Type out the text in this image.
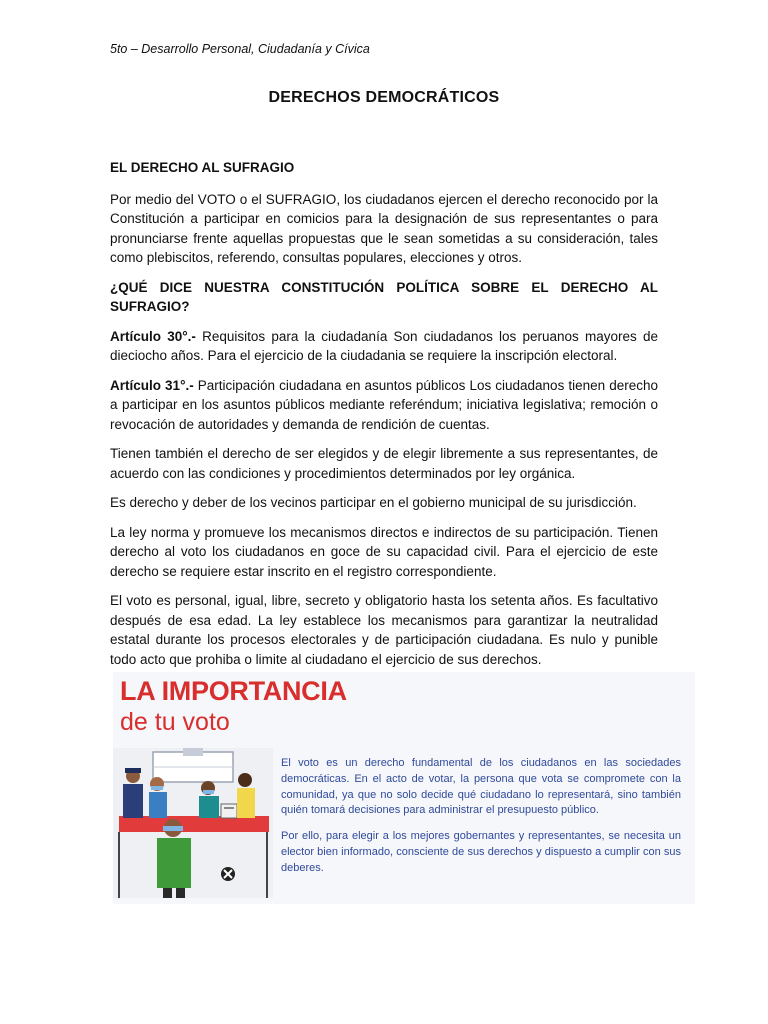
5to – Desarrollo Personal, Ciudadanía y Cívica
DERECHOS DEMOCRÁTICOS

EL DERECHO AL SUFRAGIO

Por medio del VOTO o el SUFRAGIO, los ciudadanos ejercen el derecho reconocido por la Constitución a participar en comicios para la designación de sus representantes o para pronunciarse frente aquellas propuestas que le sean sometidas a su consideración, tales como plebiscitos, referendo, consultas populares, elecciones y otros.

¿QUÉ DICE NUESTRA CONSTITUCIÓN POLÍTICA SOBRE EL DERECHO AL SUFRAGIO?

Artículo 30°.- Requisitos para la ciudadanía Son ciudadanos los peruanos mayores de dieciocho años. Para el ejercicio de la ciudadania se requiere la inscripción electoral.

Artículo 31°.- Participación ciudadana en asuntos públicos Los ciudadanos tienen derecho a participar en los asuntos públicos mediante referéndum; iniciativa legislativa; remoción o revocación de autoridades y demanda de rendición de cuentas.

Tienen también el derecho de ser elegidos y de elegir libremente a sus representantes, de acuerdo con las condiciones y procedimientos determinados por ley orgánica.

Es derecho y deber de los vecinos participar en el gobierno municipal de su jurisdicción.

La ley norma y promueve los mecanismos directos e indirectos de su participación. Tienen derecho al voto los ciudadanos en goce de su capacidad civil. Para el ejercicio de este derecho se requiere estar inscrito en el registro correspondiente.

El voto es personal, igual, libre, secreto y obligatorio hasta los setenta años. Es facultativo después de esa edad. La ley establece los mecanismos para garantizar la neutralidad estatal durante los procesos electorales y de participación ciudadana. Es nulo y punible todo acto que prohiba o limite al ciudadano el ejercicio de sus derechos.

LA IMPORTANCIA
de tu voto

El voto es un derecho fundamental de los ciudadanos en las sociedades democráticas. En el acto de votar, la persona que vota se compromete con la comunidad, ya que no solo decide qué ciudadano lo representará, sino también quién tomará decisiones para administrar el presupuesto público.

Por ello, para elegir a los mejores gobernantes y representantes, se necesita un elector bien informado, consciente de sus derechos y dispuesto a cumplir con sus deberes.
